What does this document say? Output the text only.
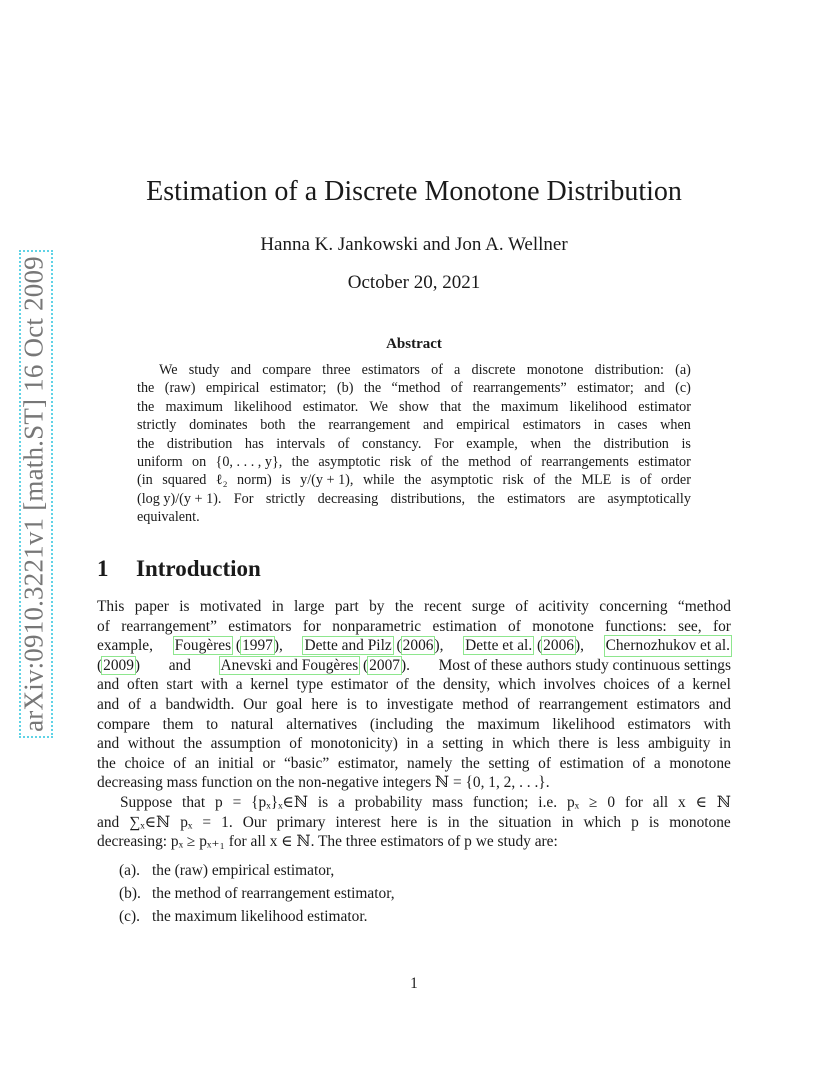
arXiv:0910.3221v1 [math.ST] 16 Oct 2009
Estimation of a Discrete Monotone Distribution
Hanna K. Jankowski and Jon A. Wellner
October 20, 2021
Abstract
We study and compare three estimators of a discrete monotone distribution: (a)
the (raw) empirical estimator; (b) the “method of rearrangements” estimator; and (c)
the maximum likelihood estimator. We show that the maximum likelihood estimator
strictly dominates both the rearrangement and empirical estimators in cases when
the distribution has intervals of constancy. For example, when the distribution is
uniform on {0, . . . , y}, the asymptotic risk of the method of rearrangements estimator
(in squared ℓ₂ norm) is y/(y + 1), while the asymptotic risk of the MLE is of order
(log y)/(y + 1). For strictly decreasing distributions, the estimators are asymptotically
equivalent.
1 Introduction
This paper is motivated in large part by the recent surge of acitivity concerning “method
of rearrangement” estimators for nonparametric estimation of monotone functions: see, for
example, Fougères (1997), Dette and Pilz (2006), Dette et al. (2006), Chernozhukov et al.
(2009) and Anevski and Fougères (2007). Most of these authors study continuous settings
and often start with a kernel type estimator of the density, which involves choices of a kernel
and of a bandwidth. Our goal here is to investigate method of rearrangement estimators and
compare them to natural alternatives (including the maximum likelihood estimators with
and without the assumption of monotonicity) in a setting in which there is less ambiguity in
the choice of an initial or “basic” estimator, namely the setting of estimation of a monotone
decreasing mass function on the non-negative integers ℕ = {0, 1, 2, . . .}.
Suppose that p = {pₓ}ₓ∈ℕ is a probability mass function; i.e. pₓ ≥ 0 for all x ∈ ℕ
and ∑ₓ∈ℕ pₓ = 1. Our primary interest here is in the situation in which p is monotone
decreasing: pₓ ≥ pₓ₊₁ for all x ∈ ℕ. The three estimators of p we study are:
(a). the (raw) empirical estimator,
(b). the method of rearrangement estimator,
(c). the maximum likelihood estimator.
1
